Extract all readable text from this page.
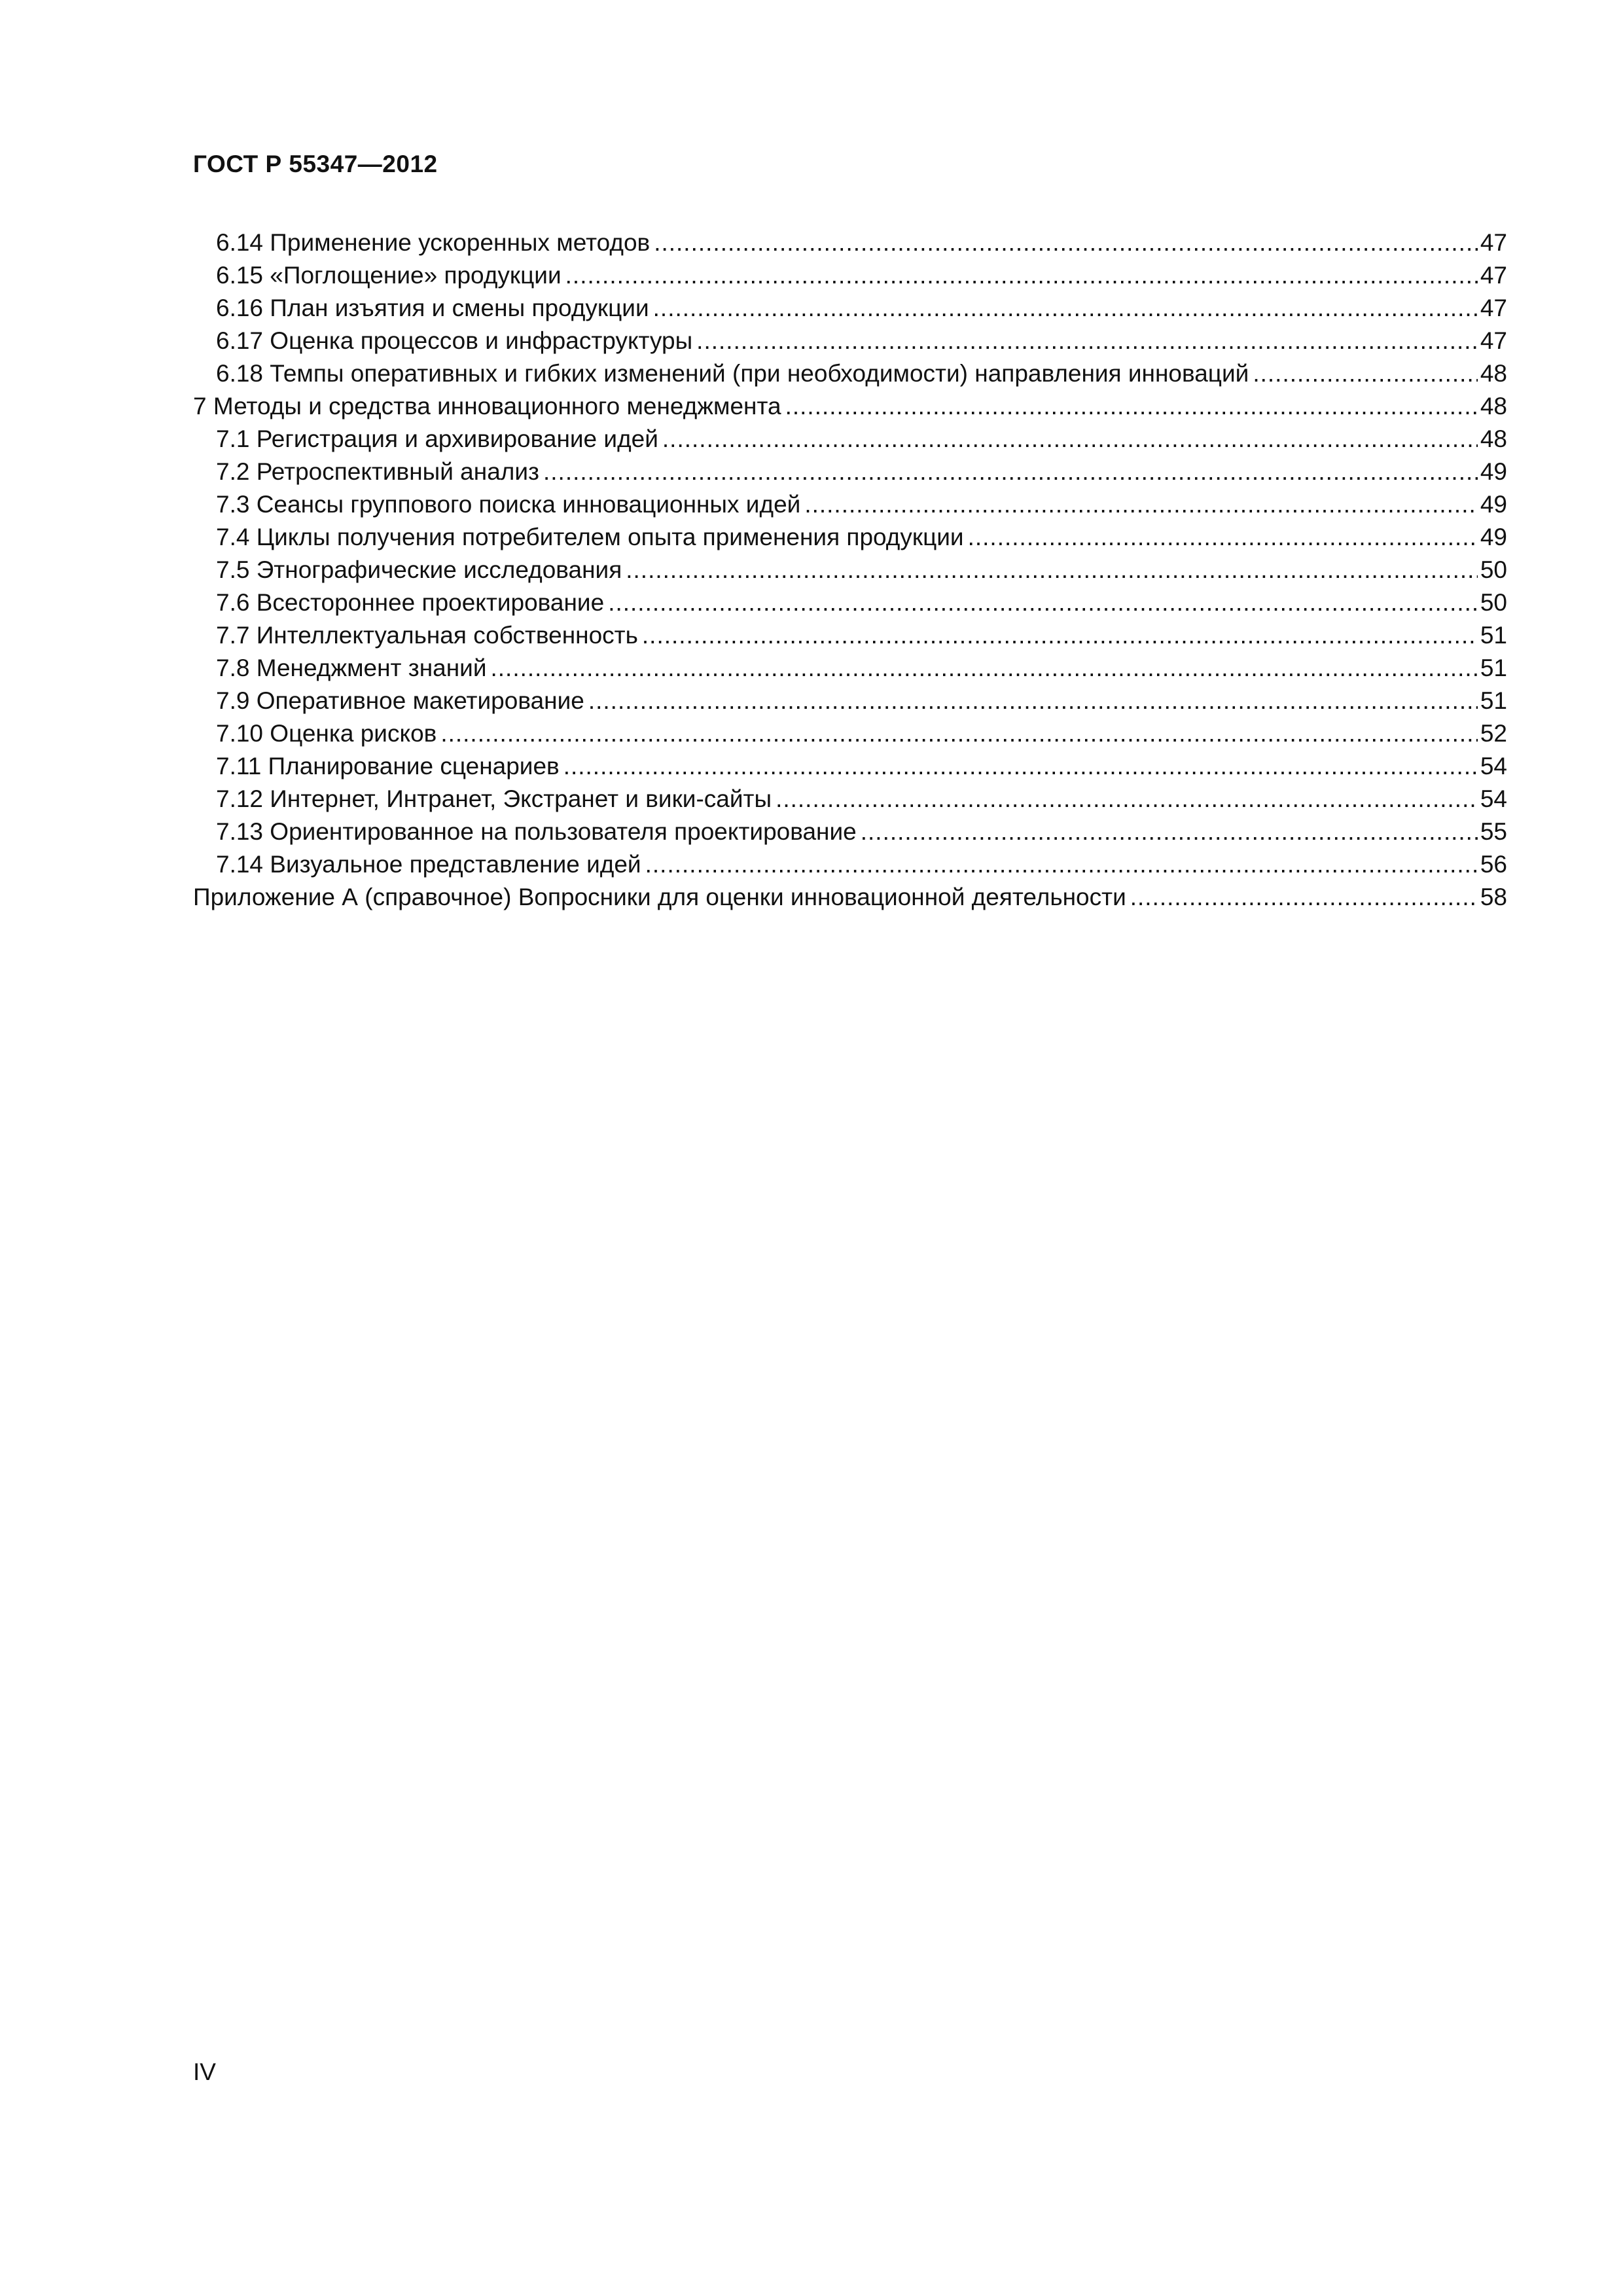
ГОСТ Р 55347—2012
6.14 Применение ускоренных методов .....	47
6.15 «Поглощение» продукции .....	47
6.16 План изъятия и смены продукции .....	47
6.17 Оценка процессов и инфраструктуры .....	47
6.18 Темпы оперативных и гибких изменений (при необходимости) направления инноваций .....	48
7 Методы и средства инновационного менеджмента .....	48
7.1 Регистрация и архивирование идей .....	48
7.2 Ретроспективный анализ .....	49
7.3 Сеансы группового поиска инновационных идей .....	49
7.4 Циклы получения потребителем опыта применения продукции .....	49
7.5 Этнографические исследования .....	50
7.6 Всестороннее проектирование .....	50
7.7 Интеллектуальная собственность .....	51
7.8 Менеджмент знаний .....	51
7.9 Оперативное макетирование .....	51
7.10 Оценка рисков .....	52
7.11 Планирование сценариев .....	54
7.12 Интернет, Интранет, Экстранет и вики-сайты .....	54
7.13 Ориентированное на пользователя проектирование .....	55
7.14 Визуальное представление идей .....	56
Приложение А (справочное) Вопросники для оценки инновационной деятельности .....	58
IV
